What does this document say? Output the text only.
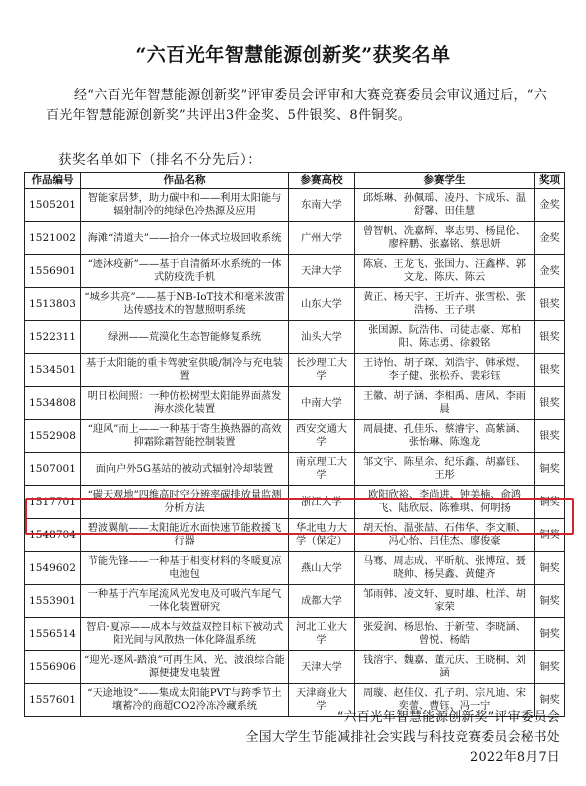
“六百光年智慧能源创新奖”获奖名单

经“六百光年智慧能源创新奖”评审委员会评审和大赛竞赛委员会审议通过后，“六百光年智慧能源创新奖”共评出3件金奖、5件银奖、8件铜奖。

获奖名单如下（排名不分先后）：
作品编号	作品名称	参赛高校	参赛学生	奖项
1505201	智能家居梦，助力碳中和——利用太阳能与辐射制冷的纯绿色冷热源及应用	东南大学	邱烁琳、孙佩瑶、凌丹、卞成乐、温舒馨、田佳慧	金奖
1521002	海滩“清道夫”——拾介一体式垃圾回收系统	广州大学	曾智帆、冼嘉辉、辜志男、杨昆伦、廖梓鹏、张嘉铭、蔡思妍	金奖
1556901	“迹沐疫新”——基于自清循环水系统的一体式防疫洗手机	天津大学	陈宸、王龙飞、张国力、汪鑫桦、郭文龙、陈庆、陈云	金奖
1513803	“城乡共亮”——基于NB-IoT技术和毫米波雷达传感技术的智慧照明系统	山东大学	黄正、杨天宇、王圻卉、张雪松、张浩杨、王子琪	银奖
1522311	绿洲——荒漠化生态智能修复系统	汕头大学	张国源、阮浩伟、司徒志豪、郑柏阳、陈志勇、徐毅铭	银奖
1534501	基于太阳能的重卡驾驶室供暖/制冷与充电装置	长沙理工大学	王诗怡、胡子琛、刘浩宇、韩承煜、李子健、张松乔、裴彩钰	银奖
1534808	明日松间照：一种仿松树型太阳能界面蒸发海水淡化装置	中南大学	王徽、胡子涵、李相禹、唐风、李雨晨	银奖
1552908	“迎风”而上——一种基于寄生换热器的高效抑霜除霜智能控制装置	西安交通大学	周晨捷、孔佳乐、蔡濬宇、高紫涵、张怡琳、陈逸龙	银奖
1507001	面向户外5G基站的被动式辐射冷却装置	南京理工大学	邹文宇、陈星余、纪乐鑫、胡嘉钰、王彤	铜奖
1517701	“碳天观地”四维高时空分辨率碳排放量监测分析方法	浙江大学	欧阳欣裕、李尚进、钟美楠、俞鸿飞、陆欣辰、陈雅琪、何明扬	铜奖
1548704	碧波翼航——太阳能近水面快速节能救援飞行器	华北电力大学（保定）	胡天怡、温张喆、石伟华、李文顺、冯心怡、吕佳杰、廖俊豪	铜奖
1549602	节能先锋——一种基于相变材料的冬暖夏凉电池包	燕山大学	马骞、周志成、平昕航、张博瑄、聂晓帅、杨昊鑫、黄健齐	铜奖
1553901	一种基于汽车尾流风光发电及可吸汽车尾气一体化装置研究	成都大学	邹雨韩、凌文轩、夏时雄、杜洋、胡家荣	铜奖
1556514	智启·夏凉——成本与效益双控目标下被动式阳光间与风散热一体化降温系统	河北工业大学	张爱润、杨思怡、于新莹、李晓涵、曾悦、杨皓	铜奖
1556906	“迎光-逐风-踏浪”可再生风、光、波浪综合能源便捷发电装置	天津大学	钱溶宇、魏嘉、董元庆、王晓桐、刘涵	铜奖
1557601	“天途地设”——集成太阳能PVT与跨季节土壤蓄冷的商超CO2冷冻冷藏系统	天津商业大学	周璇、赵佳仪、孔子玥、宗凡迪、宋奕蕾、曹钰、冯一宁	铜奖
“六百光年智慧能源创新奖”评审委员会
全国大学生节能减排社会实践与科技竞赛委员会秘书处
2022年8月7日
